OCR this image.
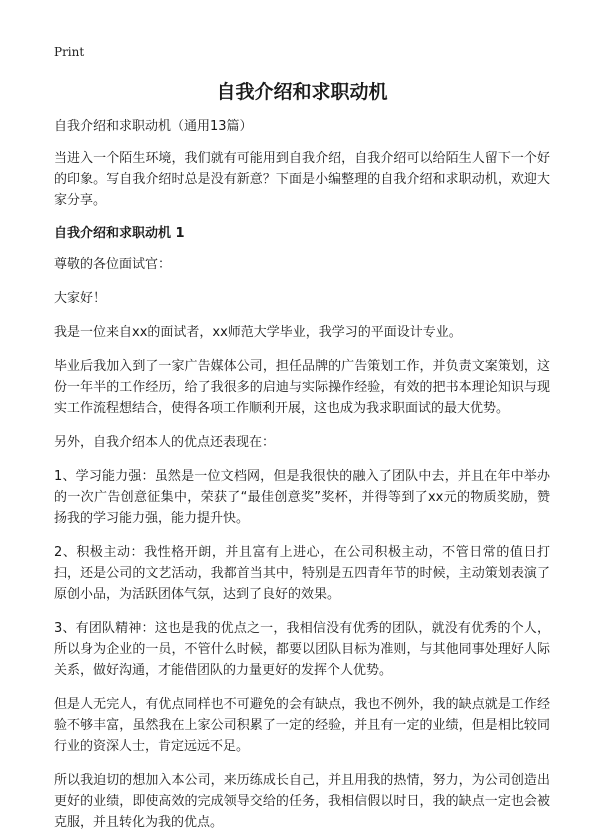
Print
自我介绍和求职动机

自我介绍和求职动机（通用13篇）

当进入一个陌生环境，我们就有可能用到自我介绍，自我介绍可以给陌生人留下一个好的印象。写自我介绍时总是没有新意？下面是小编整理的自我介绍和求职动机，欢迎大家分享。

自我介绍和求职动机 1

尊敬的各位面试官：

大家好！

我是一位来自xx的面试者，xx师范大学毕业，我学习的平面设计专业。

毕业后我加入到了一家广告媒体公司，担任品牌的广告策划工作，并负责文案策划，这份一年半的工作经历，给了我很多的启迪与实际操作经验，有效的把书本理论知识与现实工作流程想结合，使得各项工作顺利开展，这也成为我求职面试的最大优势。

另外，自我介绍本人的优点还表现在：

1、学习能力强：虽然是一位文档网，但是我很快的融入了团队中去，并且在年中举办的一次广告创意征集中，荣获了“最佳创意奖”奖杯，并得等到了xx元的物质奖励，赞扬我的学习能力强，能力提升快。

2、积极主动：我性格开朗，并且富有上进心，在公司积极主动，不管日常的值日打扫，还是公司的文艺活动，我都首当其中，特别是五四青年节的时候，主动策划表演了原创小品，为活跃团体气氛，达到了良好的效果。

3、有团队精神：这也是我的优点之一，我相信没有优秀的团队，就没有优秀的个人，所以身为企业的一员，不管什么时候，都要以团队目标为准则，与其他同事处理好人际关系，做好沟通，才能借团队的力量更好的发挥个人优势。

但是人无完人，有优点同样也不可避免的会有缺点，我也不例外，我的缺点就是工作经验不够丰富，虽然我在上家公司积累了一定的经验，并且有一定的业绩，但是相比较同行业的资深人士，肯定远远不足。

所以我迫切的想加入本公司，来历练成长自己，并且用我的热情，努力，为公司创造出更好的业绩，即使高效的完成领导交给的任务，我相信假以时日，我的缺点一定也会被克服，并且转化为我的优点。
